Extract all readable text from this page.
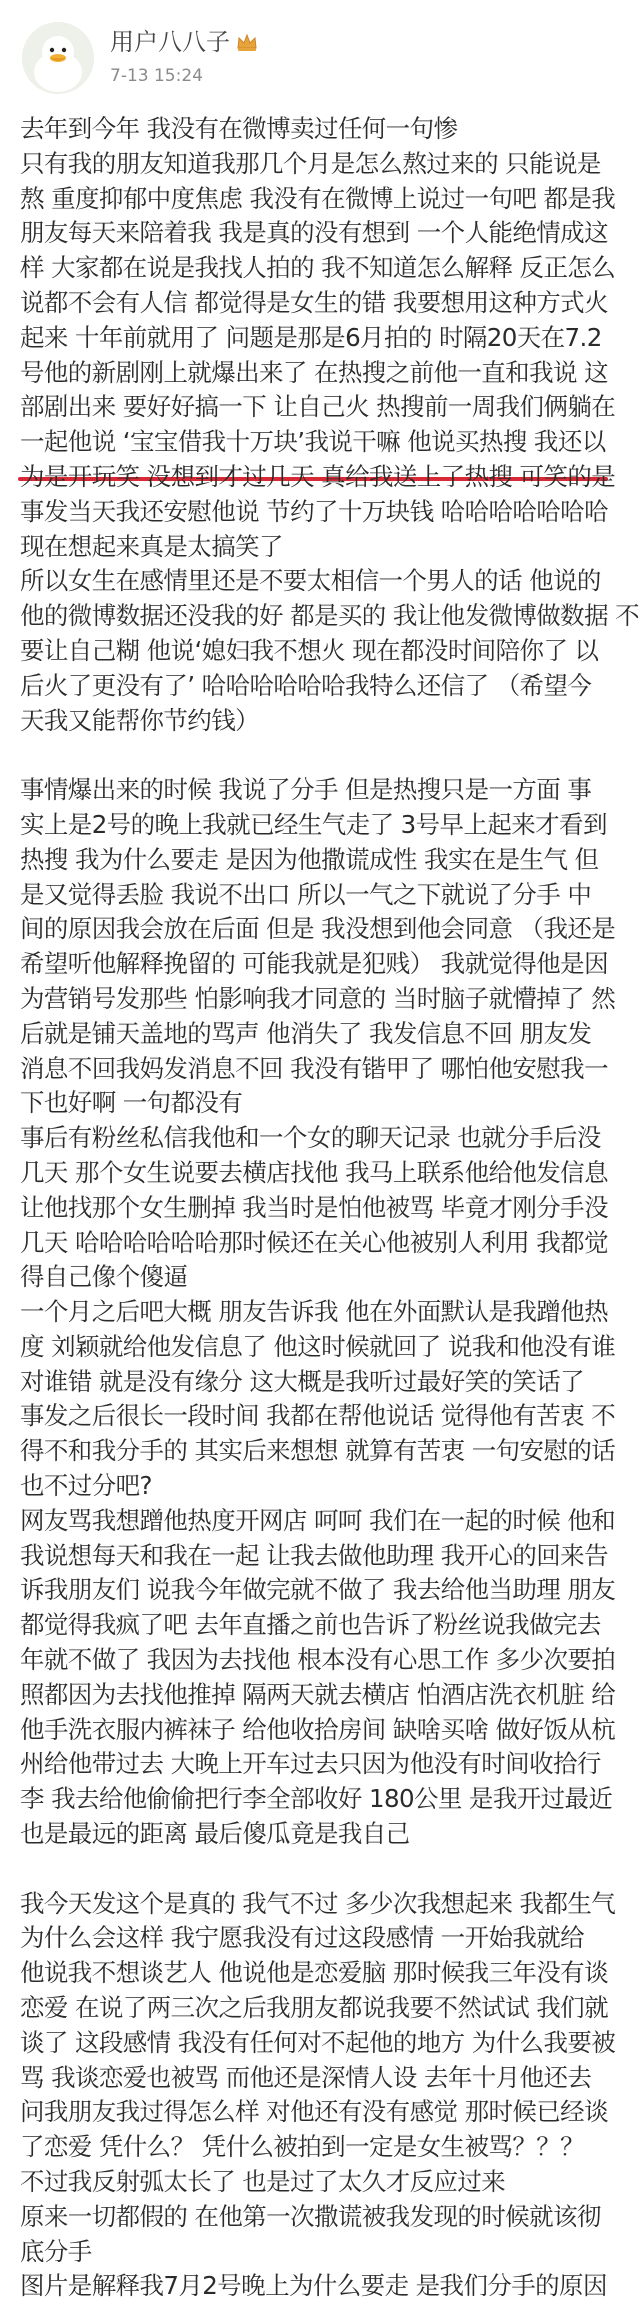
用户八八子
7-13 15:24
去年到今年 我没有在微博卖过任何一句惨
只有我的朋友知道我那几个月是怎么熬过来的 只能说是
熬 重度抑郁中度焦虑 我没有在微博上说过一句吧 都是我
朋友每天来陪着我 我是真的没有想到 一个人能绝情成这
样 大家都在说是我找人拍的 我不知道怎么解释 反正怎么
说都不会有人信 都觉得是女生的错 我要想用这种方式火
起来 十年前就用了 问题是那是6月拍的 时隔20天在7.2
号他的新剧刚上就爆出来了 在热搜之前他一直和我说 这
部剧出来 要好好搞一下 让自己火 热搜前一周我们俩躺在
一起他说 ‘宝宝借我十万块’我说干嘛 他说买热搜 我还以
为是开玩笑 没想到才过几天 真给我送上了热搜 可笑的是
事发当天我还安慰他说 节约了十万块钱 哈哈哈哈哈哈哈
现在想起来真是太搞笑了
所以女生在感情里还是不要太相信一个男人的话 他说的
他的微博数据还没我的好 都是买的 我让他发微博做数据 不
要让自己糊 他说‘媳妇我不想火 现在都没时间陪你了 以
后火了更没有了’ 哈哈哈哈哈哈我特么还信了 （希望今
天我又能帮你节约钱）
事情爆出来的时候 我说了分手 但是热搜只是一方面 事
实上是2号的晚上我就已经生气走了 3号早上起来才看到
热搜 我为什么要走 是因为他撒谎成性 我实在是生气 但
是又觉得丢脸 我说不出口 所以一气之下就说了分手 中
间的原因我会放在后面 但是 我没想到他会同意 （我还是
希望听他解释挽留的 可能我就是犯贱） 我就觉得他是因
为营销号发那些 怕影响我才同意的 当时脑子就懵掉了 然
后就是铺天盖地的骂声 他消失了 我发信息不回 朋友发
消息不回我妈发消息不回 我没有锴甲了 哪怕他安慰我一
下也好啊 一句都没有
事后有粉丝私信我他和一个女的聊天记录 也就分手后没
几天 那个女生说要去横店找他 我马上联系他给他发信息
让他找那个女生删掉 我当时是怕他被骂 毕竟才刚分手没
几天 哈哈哈哈哈哈那时候还在关心他被别人利用 我都觉
得自己像个傻逼
一个月之后吧大概 朋友告诉我 他在外面默认是我蹭他热
度 刘颖就给他发信息了 他这时候就回了 说我和他没有谁
对谁错 就是没有缘分 这大概是我听过最好笑的笑话了
事发之后很长一段时间 我都在帮他说话 觉得他有苦衷 不
得不和我分手的 其实后来想想 就算有苦衷 一句安慰的话
也不过分吧?
网友骂我想蹭他热度开网店 呵呵 我们在一起的时候 他和
我说想每天和我在一起 让我去做他助理 我开心的回来告
诉我朋友们 说我今年做完就不做了 我去给他当助理 朋友
都觉得我疯了吧 去年直播之前也告诉了粉丝说我做完去
年就不做了 我因为去找他 根本没有心思工作 多少次要拍
照都因为去找他推掉 隔两天就去横店 怕酒店洗衣机脏 给
他手洗衣服内裤袜子 给他收拾房间 缺啥买啥 做好饭从杭
州给他带过去 大晚上开车过去只因为他没有时间收拾行
李 我去给他偷偷把行李全部收好 180公里 是我开过最近
也是最远的距离 最后傻瓜竟是我自己
我今天发这个是真的 我气不过 多少次我想起来 我都生气
为什么会这样 我宁愿我没有过这段感情 一开始我就给
他说我不想谈艺人 他说他是恋爱脑 那时候我三年没有谈
恋爱 在说了两三次之后我朋友都说我要不然试试 我们就
谈了 这段感情 我没有任何对不起他的地方 为什么我要被
骂 我谈恋爱也被骂 而他还是深情人设 去年十月他还去
问我朋友我过得怎么样 对他还有没有感觉 那时候已经谈
了恋爱 凭什么？ 凭什么被拍到一定是女生被骂？？？
不过我反射弧太长了 也是过了太久才反应过来
原来一切都假的 在他第一次撒谎被我发现的时候就该彻
底分手
图片是解释我7月2号晚上为什么要走 是我们分手的原因
